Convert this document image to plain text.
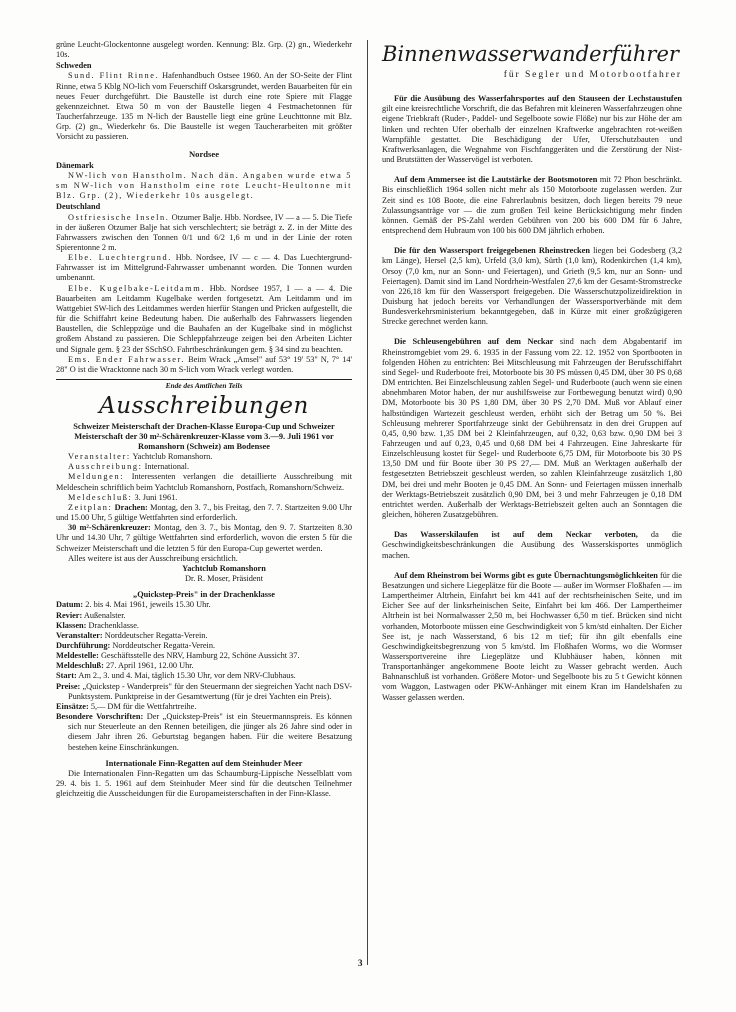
grüne Leucht-Glockentonne ausgelegt worden. Kennung: Blz. Grp. (2) gn., Wiederkehr 10s.

Schweden

Sund. Flint Rinne. Hafenhandbuch Ostsee 1960. An der SO-Seite der Flint Rinne, etwa 5 Kblg NO-lich vom Feuerschiff Oskarsgrundet, werden Bauarbeiten für ein neues Feuer durchgeführt. Die Baustelle ist durch eine rote Spiere mit Flagge gekennzeichnet. Etwa 50 m von der Baustelle liegen 4 Festmachetonnen für Taucherfahrzeuge. 135 m N-lich der Baustelle liegt eine grüne Leuchttonne mit Blz. Grp. (2) gn., Wiederkehr 6s. Die Baustelle ist wegen Taucherarbeiten mit größter Vorsicht zu passieren.

Nordsee

Dänemark

NW-lich von Hanstholm. Nach dän. Angaben wurde etwa 5 sm NW-lich von Hanstholm eine rote Leucht-Heultonne mit Blz. Grp. (2), Wiederkehr 10s ausgelegt.

Deutschland

Ostfriesische Inseln. Otzumer Balje. Hbb. Nordsee, IV — a — 5. Die Tiefe in der äußeren Otzumer Balje hat sich verschlechtert; sie beträgt z. Z. in der Mitte des Fahrwassers zwischen den Tonnen 0/1 und 6/2 1,6 m und in der Linie der roten Spierentonne 2 m.

Elbe. Luechtergrund. Hbb. Nordsee, IV — c — 4. Das Luechtergrund-Fahrwasser ist im Mittelgrund-Fahrwasser umbenannt worden. Die Tonnen wurden umbenannt.

Elbe. Kugelbake-Leitdamm. Hbb. Nordsee 1957, I — a — 4. Die Bauarbeiten am Leitdamm Kugelbake werden fortgesetzt. Am Leitdamm und im Wattgebiet SW-lich des Leitdammes werden hierfür Stangen und Pricken aufgestellt, die für die Schiffahrt keine Bedeutung haben. Die außerhalb des Fahrwassers liegenden Baustellen, die Schleppzüge und die Bauhafen an der Kugelbake sind in möglichst großem Abstand zu passieren. Die Schleppfahrzeuge zeigen bei den Arbeiten Lichter und Signale gem. § 23 der SSchSO. Fahrtbeschränkungen gem. § 34 sind zu beachten.

Ems. Ender Fahrwasser. Beim Wrack „Amsel" auf 53° 19' 53" N, 7° 14' 28" O ist die Wracktonne nach 30 m S-lich vom Wrack verlegt worden.

Ende des Amtlichen Teils

Ausschreibungen

Schweizer Meisterschaft der Drachen-Klasse Europa-Cup und Schweizer Meisterschaft der 30 m²-Schärenkreuzer-Klasse vom 3.—9. Juli 1961 vor Romanshorn (Schweiz) am Bodensee

Veranstalter: Yachtclub Romanshorn.

Ausschreibung: International.

Meldungen: Interessenten verlangen die detaillierte Ausschreibung mit Meldeschein schriftlich beim Yachtclub Romanshorn, Postfach, Romanshorn/Schweiz.

Meldeschluß: 3. Juni 1961.

Zeitplan: Drachen: Montag, den 3. 7., bis Freitag, den 7. 7. Startzeiten 9.00 Uhr und 15.00 Uhr, 5 gültige Wettfahrten sind erforderlich.

30 m²-Schärenkreuzer: Montag, den 3. 7., bis Montag, den 9. 7. Startzeiten 8.30 Uhr und 14.30 Uhr, 7 gültige Wettfahrten sind erforderlich, wovon die ersten 5 für die Schweizer Meisterschaft und die letzten 5 für den Europa-Cup gewertet werden.

Alles weitere ist aus der Ausschreibung ersichtlich.

Yachtclub Romanshorn

Dr. R. Moser, Präsident

„Quickstep-Preis" in der Drachenklasse

Datum: 2. bis 4. Mai 1961, jeweils 15.30 Uhr.

Revier: Außenalster.

Klassen: Drachenklasse.

Veranstalter: Norddeutscher Regatta-Verein.

Durchführung: Norddeutscher Regatta-Verein.

Meldestelle: Geschäftsstelle des NRV, Hamburg 22, Schöne Aussicht 37.

Meldeschluß: 27. April 1961, 12.00 Uhr.

Start: Am 2., 3. und 4. Mai, täglich 15.30 Uhr, vor dem NRV-Clubhaus.

Preise: „Quickstep - Wanderpreis" für den Steuermann der siegreichen Yacht nach DSV-Punktsystem. Punktpreise in der Gesamtwertung (für je drei Yachten ein Preis).

Einsätze: 5,— DM für die Wettfahrtreihe.

Besondere Vorschriften: Der „Quickstep-Preis" ist ein Steuermannspreis. Es können sich nur Steuerleute an den Rennen beteiligen, die jünger als 26 Jahre sind oder in diesem Jahr ihren 26. Geburtstag begangen haben. Für die weitere Besatzung bestehen keine Einschränkungen.

Internationale Finn-Regatten auf dem Steinhuder Meer

Die Internationalen Finn-Regatten um das Schaumburg-Lippische Nesselblatt vom 29. 4. bis 1. 5. 1961 auf dem Steinhuder Meer sind für die deutschen Teilnehmer gleichzeitig die Ausscheidungen für die Europameisterschaften in der Finn-Klasse.

Binnenwasserwanderführer
für Segler und Motorbootfahrer

Für die Ausübung des Wasserfahrsportes auf den Stauseen der Lechstaustufen gilt eine kreisrechtliche Vorschrift, die das Befahren mit kleineren Wasserfahrzeugen ohne eigene Triebkraft (Ruder-, Paddel- und Segelboote sowie Flöße) nur bis zur Höhe der am linken und rechten Ufer oberhalb der einzelnen Kraftwerke angebrachten rot-weißen Warnpfähle gestattet. Die Beschädigung der Ufer, Uferschutzbauten und Kraftwerksanlagen, die Wegnahme von Fischfanggeräten und die Zerstörung der Nist- und Brutstätten der Wasservögel ist verboten.

Auf dem Ammersee ist die Lautstärke der Bootsmotoren mit 72 Phon beschränkt. Bis einschließlich 1964 sollen nicht mehr als 150 Motorboote zugelassen werden. Zur Zeit sind es 108 Boote, die eine Fahrerlaubnis besitzen, doch liegen bereits 79 neue Zulassungsanträge vor — die zum großen Teil keine Berücksichtigung mehr finden können. Gemäß der PS-Zahl werden Gebühren von 200 bis 600 DM für 6 Jahre, entsprechend dem Hubraum von 100 bis 600 DM jährlich erhoben.

Die für den Wassersport freigegebenen Rheinstrecken liegen bei Godesberg (3,2 km Länge), Hersel (2,5 km), Urfeld (3,0 km), Sürth (1,0 km), Rodenkirchen (1,4 km), Orsoy (7,0 km, nur an Sonn- und Feiertagen), und Grieth (9,5 km, nur an Sonn- und Feiertagen). Damit sind im Land Nordrhein-Westfalen 27,6 km der Gesamt-Stromstrecke von 226,18 km für den Wassersport freigegeben. Die Wasserschutzpolizeidirektion in Duisburg hat jedoch bereits vor Verhandlungen der Wassersportverbände mit dem Bundesverkehrsministerium bekanntgegeben, daß in Kürze mit einer großzügigeren Strecke gerechnet werden kann.

Die Schleusengebühren auf dem Neckar sind nach dem Abgabentarif im Rheinstromgebiet vom 29. 6. 1935 in der Fassung vom 22. 12. 1952 von Sportbooten in folgenden Höhen zu entrichten: Bei Mitschleusung mit Fahrzeugen der Berufsschiffahrt sind Segel- und Ruderboote frei, Motorboote bis 30 PS müssen 0,45 DM, über 30 PS 0,68 DM entrichten. Bei Einzelschleusung zahlen Segel- und Ruderboote (auch wenn sie einen abnehmbaren Motor haben, der nur aushilfsweise zur Fortbewegung benutzt wird) 0,90 DM, Motorboote bis 30 PS 1,80 DM, über 30 PS 2,70 DM. Muß vor Ablauf einer halbstündigen Wartezeit geschleust werden, erhöht sich der Betrag um 50 %. Bei Schleusung mehrerer Sportfahrzeuge sinkt der Gebührensatz in den drei Gruppen auf 0,45, 0,90 bzw. 1,35 DM bei 2 Kleinfahrzeugen, auf 0,32, 0,63 bzw. 0,90 DM bei 3 Fahrzeugen und auf 0,23, 0,45 und 0,68 DM bei 4 Fahrzeugen. Eine Jahreskarte für Einzelschleusung kostet für Segel- und Ruderboote 6,75 DM, für Motorboote bis 30 PS 13,50 DM und für Boote über 30 PS 27,— DM. Muß an Werktagen außerhalb der festgesetzten Betriebszeit geschleust werden, so zahlen Kleinfahrzeuge zusätzlich 1,80 DM, bei drei und mehr Booten je 0,45 DM. An Sonn- und Feiertagen müssen innerhalb der Werktags-Betriebszeit zusätzlich 0,90 DM, bei 3 und mehr Fahrzeugen je 0,18 DM entrichtet werden. Außerhalb der Werktags-Betriebszeit gelten auch an Sonntagen die gleichen, höheren Zusatzgebühren.

Das Wasserskilaufen ist auf dem Neckar verboten, da die Geschwindigkeitsbeschränkungen die Ausübung des Wasserskisportes unmöglich machen.

Auf dem Rheinstrom bei Worms gibt es gute Übernachtungsmöglichkeiten für die Besatzungen und sichere Liegeplätze für die Boote — außer im Wormser Floßhafen — im Lampertheimer Altrhein, Einfahrt bei km 441 auf der rechtsrheinischen Seite, und im Eicher See auf der linksrheinischen Seite, Einfahrt bei km 466. Der Lampertheimer Altrhein ist bei Normalwasser 2,50 m, bei Hochwasser 6,50 m tief. Brücken sind nicht vorhanden, Motorboote müssen eine Geschwindigkeit von 5 km/std einhalten. Der Eicher See ist, je nach Wasserstand, 6 bis 12 m tief; für ihn gilt ebenfalls eine Geschwindigkeitsbegrenzung von 5 km/std. Im Floßhafen Worms, wo die Wormser Wassersportvereine ihre Liegeplätze und Klubhäuser haben, können mit Transportanhänger angekommene Boote leicht zu Wasser gebracht werden. Auch Bahnanschluß ist vorhanden. Größere Motor- und Segelboote bis zu 5 t Gewicht können vom Waggon, Lastwagen oder PKW-Anhänger mit einem Kran im Handelshafen zu Wasser gelassen werden.

3
